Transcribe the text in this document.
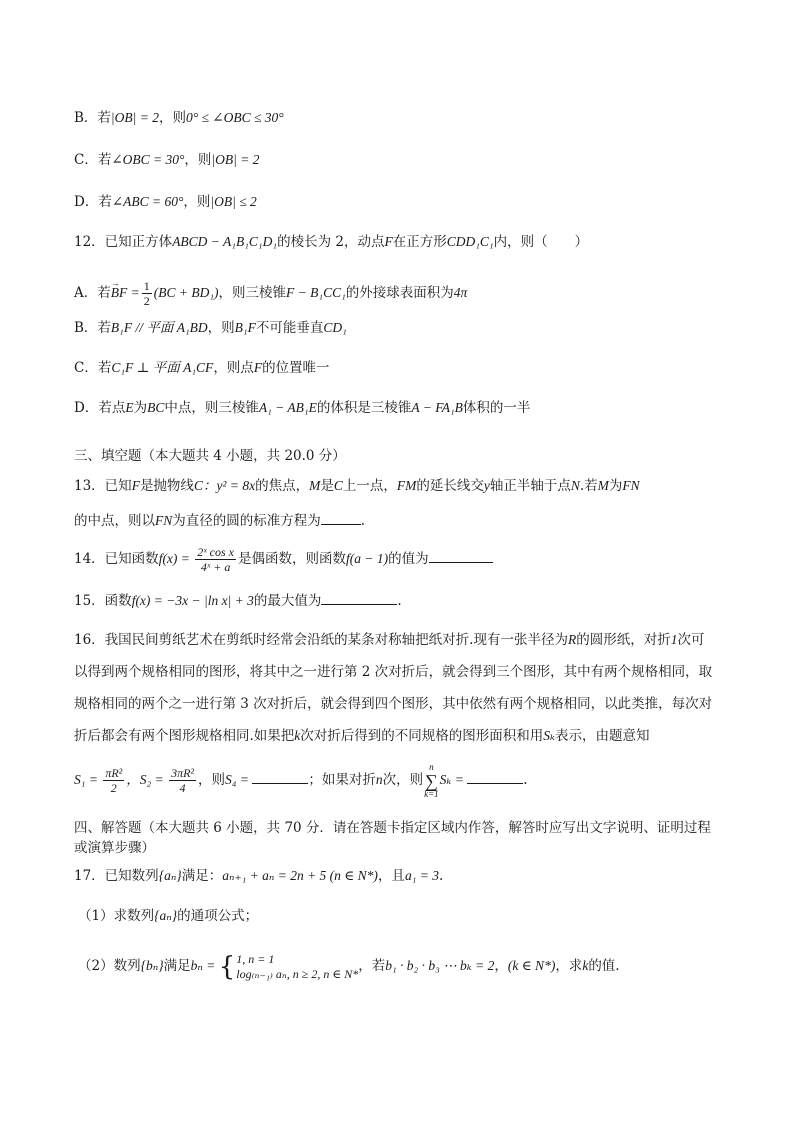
B．若|OB| = 2，则0° ≤ ∠OBC ≤ 30°
C．若∠OBC = 30°，则|OB| = 2
D．若∠ABC = 60°，则|OB| ≤ 2
12．已知正方体ABCD − A₁B₁C₁D₁的棱长为 2，动点F在正方形CDD₁C₁内，则（　　）
A．若→ BF = $\frac{1}{2} (BC + BD_1)$，则三棱锥F − B₁CC₁的外接球表面积为4π
B．若B₁F // 平面 A₁BD，则B₁F不可能垂直CD₁
C．若C₁F ⊥ 平面 A₁CF，则点F的位置唯一
D．若点E为BC中点，则三棱锥A₁ − AB₁E的体积是三棱锥A − FA₁B体积的一半
三、填空题（本大题共 4 小题，共 20.0 分）
13．已知F是抛物线C：y² = 8x的焦点，M是C上一点，FM的延长线交y轴正半轴于点N.若M为FN
的中点，则以FN为直径的圆的标准方程为	.
14．已知函数$f(x) = \frac{\text{2ˣ cos x}}{\text{4ˣ + a}}$ 是偶函数，则函数f(a − 1)的值为
15．函数f(x) = −3x − |ln x| + 3的最大值为	.
16．我国民间剪纸艺术在剪纸时经常会沿纸的某条对称轴把纸对折.现有一张半径为R的圆形纸，对折1次可
以得到两个规格相同的图形，将其中之一进行第 2 次对折后，就会得到三个图形，其中有两个规格相同，取
规格相同的两个之一进行第 3 次对折后，就会得到四个图形，其中依然有两个规格相同，以此类推，每次对
折后都会有两个图形规格相同.如果把k次对折后得到的不同规格的图形面积和用Sₖ表示，由题意知
$S_1 = \frac{\text{πR²}}{2}$ ，$S_2 = \frac{\text{3πR²}}{4}$ ，则S₄ =	；如果对折n次，则n
∑
k=1Sₖ =	.
四、解答题（本大题共 6 小题，共 70 分．请在答题卡指定区域内作答，解答时应写出文字说明、证明过程
或演算步骤）
17．已知数列{aₙ}满足：aₙ₊₁ + aₙ = 2n + 5 (n ∈ N*)，且a₁ = 3.
（1）求数列{aₙ}的通项公式；
（2）数列{bₙ}满足bₙ = { 1, n = 1
log₍ₙ₋₁₎ aₙ, n ≥ 2, n ∈ N* ，若b₁ · b₂ · b₃ ⋯ bₖ = 2，(k ∈ N*)，求k的值.
